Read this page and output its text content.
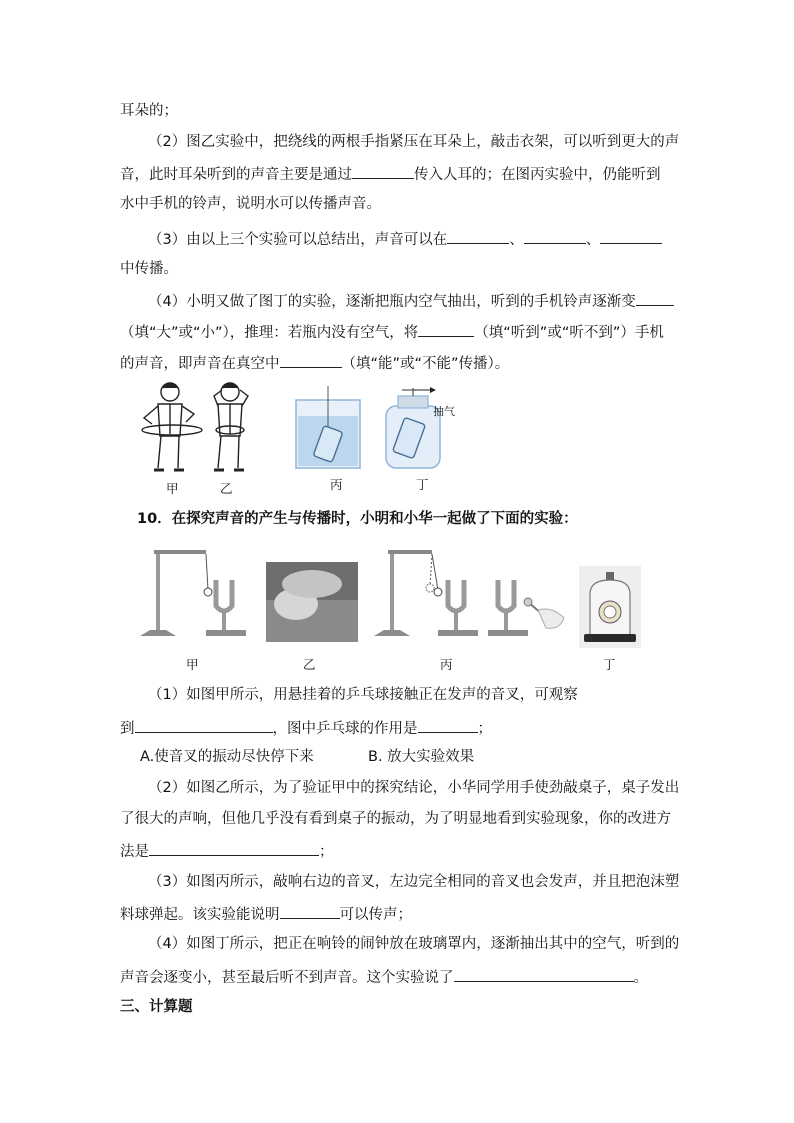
耳朵的；
（2）图乙实验中，把绕线的两根手指紧压在耳朵上，敲击衣架，可以听到更大的声
音，此时耳朵听到的声音主要是通过	传入人耳的；在图丙实验中，仍能听到
水中手机的铃声，说明水可以传播声音。
（3）由以上三个实验可以总结出，声音可以在	、	、
中传播。
（4）小明又做了图丁的实验，逐渐把瓶内空气抽出，听到的手机铃声逐渐变
（填“大”或“小”），推理：若瓶内没有空气，将	（填“听到”或“听不到”）手机
的声音，即声音在真空中	（填“能”或“不能”传播）。
甲	乙	丙	丁
抽气
10．在探究声音的产生与传播时，小明和小华一起做了下面的实验：
甲	乙	丙	丁
（1）如图甲所示，用悬挂着的乒乓球接触正在发声的音叉，可观察
到	，图中乒乓球的作用是	；
A.使音叉的振动尽快停下来	B. 放大实验效果
（2）如图乙所示，为了验证甲中的探究结论，小华同学用手使劲敲桌子，桌子发出
了很大的声响，但他几乎没有看到桌子的振动，为了明显地看到实验现象，你的改进方
法是	；
（3）如图丙所示，敲响右边的音叉，左边完全相同的音叉也会发声，并且把泡沫塑
料球弹起。该实验能说明	可以传声；
（4）如图丁所示，把正在响铃的闹钟放在玻璃罩内，逐渐抽出其中的空气，听到的
声音会逐变小，甚至最后听不到声音。这个实验说了	。
三、计算题
